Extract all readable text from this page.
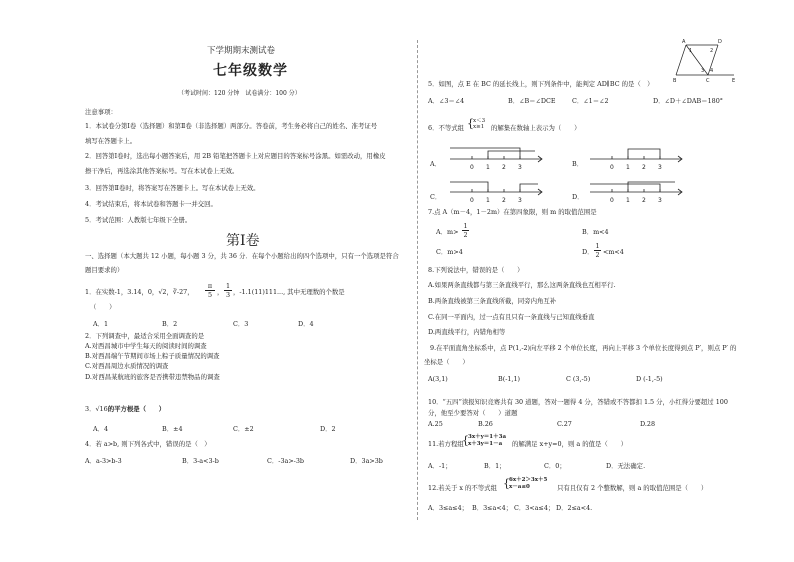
下学期期末测试卷
七年级数学
（考试时间：120 分钟　试卷满分：100 分）
注意事项：
1．本试卷分第Ⅰ卷（选择题）和第Ⅱ卷（非选择题）两部分。答卷前，考生务必将自己的姓名、准考证号
填写在答题卡上。
2．回答第Ⅰ卷时，选出每小题答案后，用 2B 铅笔把答题卡上对应题目的答案标号涂黑。如需改动，用橡皮
擦干净后，再选涂其他答案标号。写在本试卷上无效。
3．回答第Ⅱ卷时，将答案写在答题卡上。写在本试卷上无效。
4．考试结束后，将本试卷和答题卡一并交回。
5．考试范围：人教版七年级下全册。
第Ⅰ卷
一、选择题（本大题共 12 小题，每小题 3 分，共 36 分．在每个小题给出的四个选项中，只有一个选项是符合
题目要求的）
1．在实数-1，3.14，0，√2，∛-27，
π
5 ，
1
3 ，-1.1(11)111..., 其中无理数的个数是
（　　）
A．1	B．2	C．3	D．4
2．下列调查中，最适合采用全面调查的是
A.对西昌城市中学生每天的阅读时间的调查
B.对西昌端午节期间市场上粽子质量情况的调查
C.对西昌周边水质情况的调查
D.对西昌某航班的旅客是否携带违禁物品的调查
3．√16的平方根是（　　）
A．4	B．±4	C．±2	D．2
4．若 a>b, 则下列各式中，错误的是（　）
A．a-3>b-3	B．3-a<3-b	C．-3a>-3b	D．3a>3b
A	D
1	2
3 4
B	C	E
5．如图，点 E 在 BC 的延长线上，则下列条件中，能判定 AD∥BC 的是（　）
A．∠3＝∠4	B．∠B＝∠DCE	C．∠1＝∠2	D．∠D＋∠DAB＝180°
6．不等式组 { x＜3
x≥1 的解集在数轴上表示为（　　）
A．	B．
C．	D．
0 1 2 3	0 1 2 3
0 1 2 3	0 1 2 3
7.点 A（m－4，1－2m）在第四象限，则 m 的取值范围是
A．m>
1
2	B．m<4
C．m>4	D．
1
2 <m<4
8.下列说法中，错误的是（　　）
A.如果两条直线都与第三条直线平行，那么这两条直线也互相平行.
B.两条直线被第三条直线所截，同旁内角互补
C.在同一平面内，过一点有且只有一条直线与已知直线垂直
D.两直线平行，内错角相等
9.在平面直角坐标系中，点 P(1,-2)向左平移 2 个单位长度，再向上平移 3 个单位长度得到点 P′，则点 P′ 的
坐标是（　　）
A(3,1)	B(-1,1)	C (3,-5)	D (-1,-5)
10．“五四”读报知识竞赛共有 30 道题，答对一题得 4 分，答错或不答都扣 1.5 分，小红得分要超过 100
分，他至少要答对（　　）道题
A.25	B.26	C.27	D.28
11.若方程组
{ 3x＋y＝1＋3a
x＋3y＝1－a	的解满足 x+y=0，则 a 的值是（　　）
A．-1；	B．1；	C．0；	D．无法确定.
12.若关于 x 的不等式组 { 6x＋2＞3x＋5
x－a≤0	只有且仅有 2 个整数解，则 a 的取值范围是（　　）
A．3≤a≤4； B．3≤a<4； C．3<a≤4； D．2≤a<4.
